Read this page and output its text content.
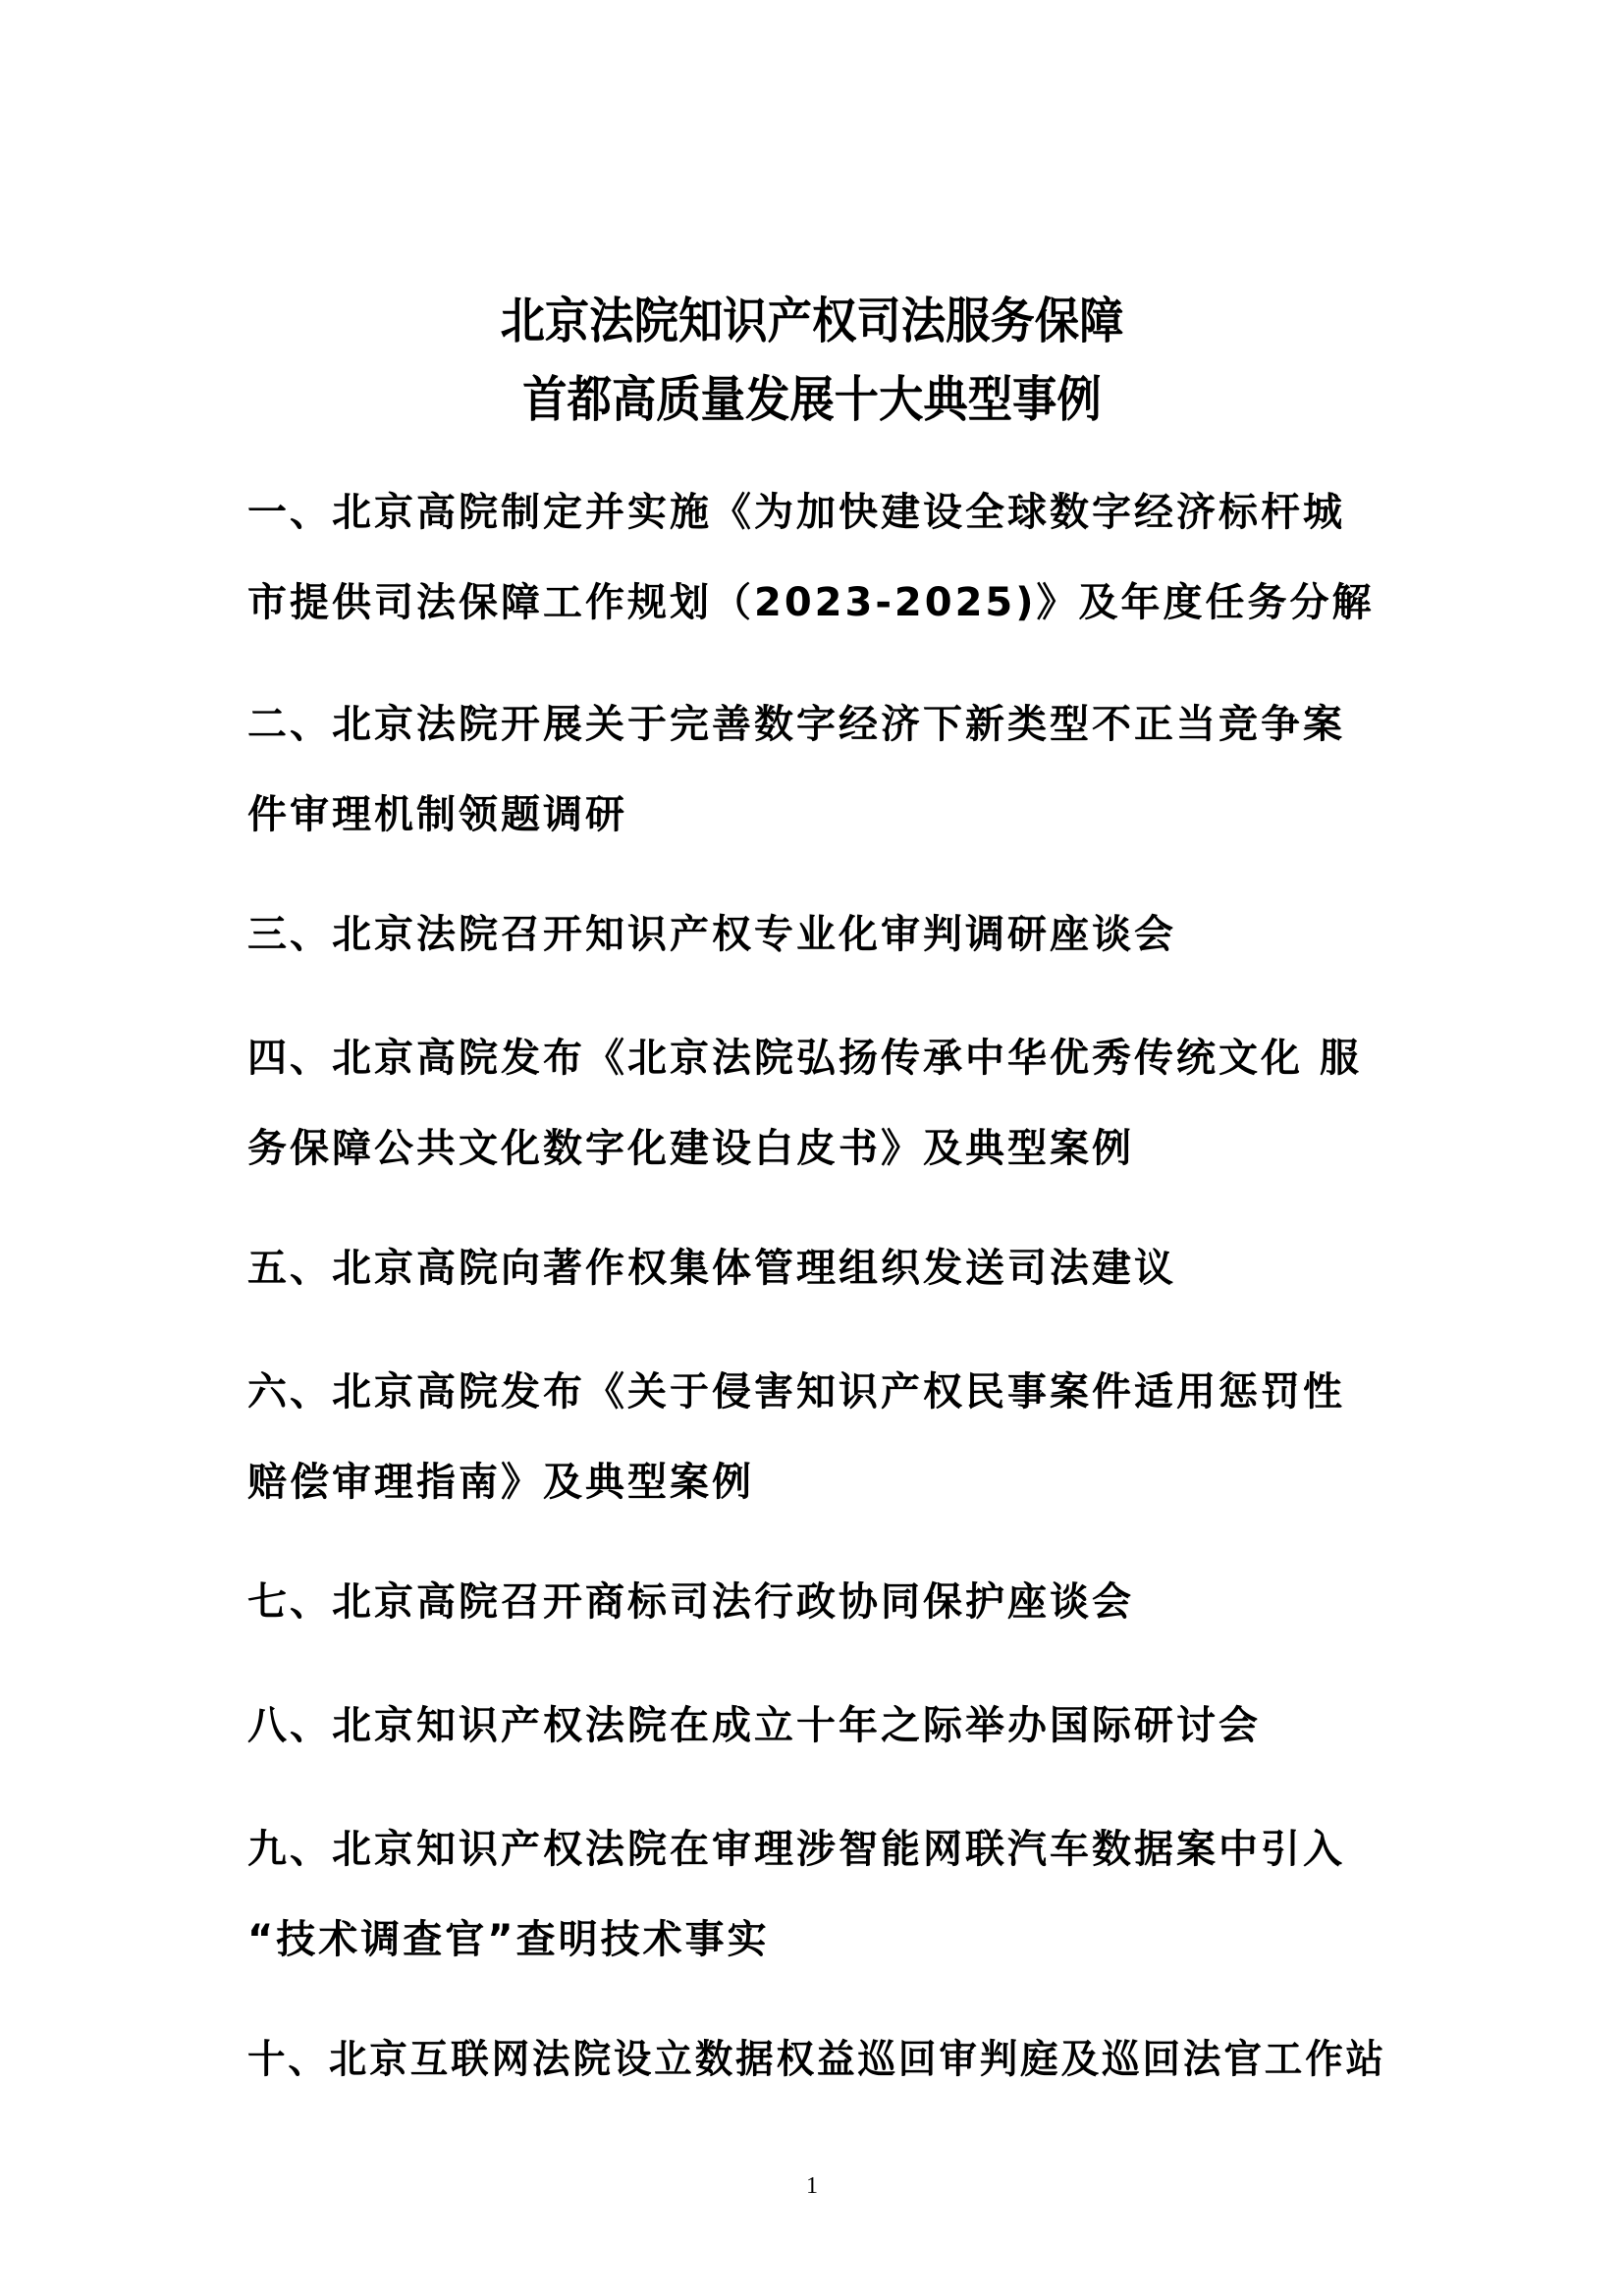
北京法院知识产权司法服务保障
首都高质量发展十大典型事例
一、北京高院制定并实施《为加快建设全球数字经济标杆城
市提供司法保障工作规划（2023-2025)》及年度任务分解
二、北京法院开展关于完善数字经济下新类型不正当竞争案
件审理机制领题调研
三、北京法院召开知识产权专业化审判调研座谈会
四、北京高院发布《北京法院弘扬传承中华优秀传统文化 服
务保障公共文化数字化建设白皮书》及典型案例
五、北京高院向著作权集体管理组织发送司法建议
六、北京高院发布《关于侵害知识产权民事案件适用惩罚性
赔偿审理指南》及典型案例
七、北京高院召开商标司法行政协同保护座谈会
八、北京知识产权法院在成立十年之际举办国际研讨会
九、北京知识产权法院在审理涉智能网联汽车数据案中引入
“技术调查官”查明技术事实
十、北京互联网法院设立数据权益巡回审判庭及巡回法官工作站
1
